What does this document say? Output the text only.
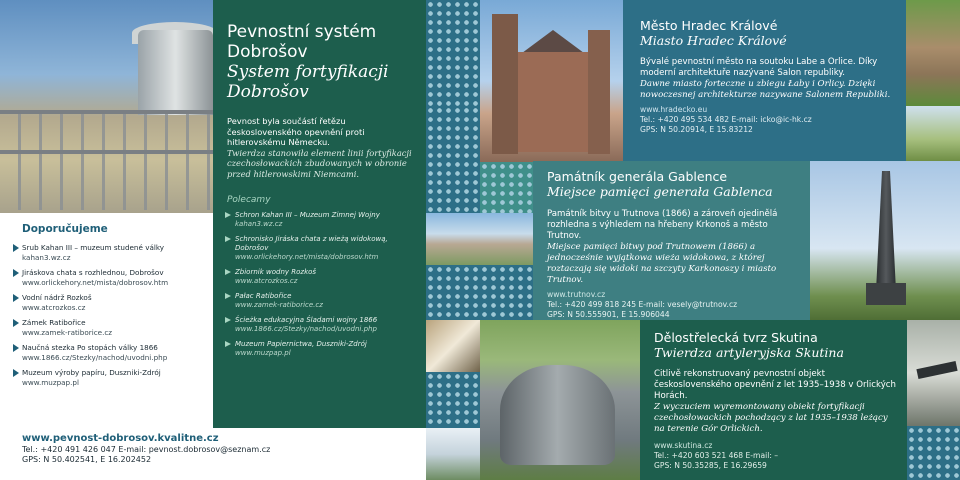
Doporučujeme
Srub Kahan III – muzeum studené války
kahan3.wz.cz
Jiráskova chata s rozhlednou, Dobrošov
www.orlickehory.net/mista/dobrosov.htm
Vodní nádrž Rozkoš
www.atcrozkos.cz
Zámek Ratibořice
www.zamek-ratiborice.cz
Naučná stezka Po stopách války 1866
www.1866.cz/Stezky/nachod/uvodni.php
Muzeum výroby papíru, Duszniki-Zdrój
www.muzpap.pl
www.pevnost-dobrosov.kvalitne.cz
Tel.: +420 491 426 047 E-mail: pevnost.dobrosov@seznam.cz
GPS: N 50.402541, E 16.202452
Pevnostní systém Dobrošov
System fortyfikacji Dobrošov
Pevnost byla součástí řetězu československého opevnění proti hitlerovskému Německu.
Twierdza stanowiła element linii fortyfikacji czechosłowackich zbudowanych w obronie przed hitlerowskimi Niemcami.
Polecamy
Schron Kahan III – Muzeum Zimnej Wojny
kahan3.wz.cz
Schronisko Jiráska chata z wieżą widokową, Dobrošov
www.orlickehory.net/mista/dobrosov.htm
Zbiornik wodny Rozkoš
www.atcrozkos.cz
Pałac Ratibořice
www.zamek-ratiborice.cz
Ścieżka edukacyjna Śladami wojny 1866
www.1866.cz/Stezky/nachod/uvodni.php
Muzeum Papiernictwa, Duszniki-Zdrój
www.muzpap.pl
Město Hradec Králové
Miasto Hradec Králové
Bývalé pevnostní město na soutoku Labe a Orlice. Díky moderní architektuře nazývané Salon republiky.
Dawne miasto forteczne u zbiegu Łaby i Orlicy. Dzięki nowoczesnej architekturze nazywane Salonem Republiki.
www.hradecko.eu
Tel.: +420 495 534 482 E-mail: icko@ic-hk.cz
GPS: N 50.20914, E 15.83212
Památník generála Gablence
Miejsce pamięci generała Gablenca
Památník bitvy u Trutnova (1866) a zároveň ojedinělá rozhledna s výhledem na hřebeny Krkonoš a město Trutnov.
Miejsce pamięci bitwy pod Trutnowem (1866) a jednocześnie wyjątkowa wieża widokowa, z której roztaczają się widoki na szczyty Karkonoszy i miasto Trutnov.
www.trutnov.cz
Tel.: +420 499 818 245 E-mail: vesely@trutnov.cz
GPS: N 50.555901, E 15.906044
Dělostřelecká tvrz Skutina
Twierdza artyleryjska Skutina
Citlivě rekonstruovaný pevnostní objekt československého opevnění z let 1935–1938 v Orlických Horách.
Z wyczuciem wyremontowany obiekt fortyfikacji czechosłowackich pochodzący z lat 1935–1938 leżący na terenie Gór Orlickich.
www.skutina.cz
Tel.: +420 603 521 468 E-mail: –
GPS: N 50.35285, E 16.29659
